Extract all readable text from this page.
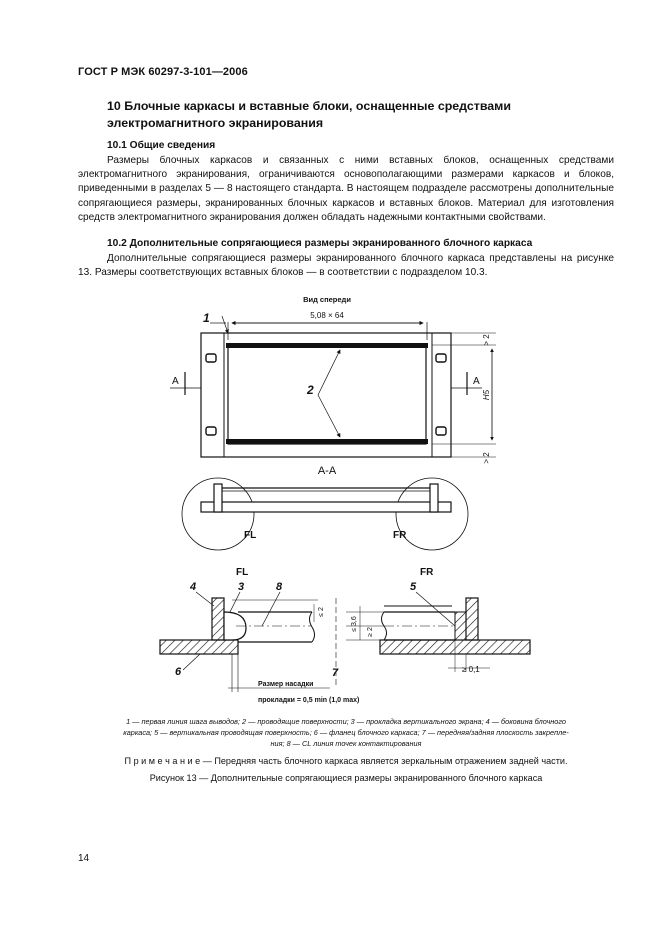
ГОСТ Р МЭК 60297-3-101—2006
10 Блочные каркасы и вставные блоки, оснащенные средствами электромагнитного экранирования
10.1 Общие сведения
Размеры блочных каркасов и связанных с ними вставных блоков, оснащенных средствами электромагнитного экранирования, ограничиваются основополагающими размерами каркасов и блоков, приведенными в разделах 5 — 8 настоящего стандарта. В настоящем подразделе рассмотрены дополнительные сопрягающиеся размеры, экранированных блочных каркасов и вставных блоков. Материал для изготовления средств электромагнитного экранирования должен обладать надежными контактными свойствами.
10.2 Дополнительные сопрягающиеся размеры экранированного блочного каркаса
Дополнительные сопрягающиеся размеры экранированного блочного каркаса представлены на рисунке 13. Размеры соответствующих вставных блоков — в соответствии с подразделом 10.3.
Вид спереди
5,08 × 64
1
2
A	A
> 2
H5
> 2
A-A
FL	FR
FL
4	3	8
6
≤ 2
Размер насадки
прокладки = 0,5 min (1,0 max)
7
FR
5
≤ 3,6
≥ 2
≥ 0,1
1 — первая линия шага выводов; 2 — проводящие поверхности; 3 — прокладка вертикального экрана; 4 — боковина блочного
каркаса; 5 — вертикальная проводящая поверхность; 6 — фланец блочного каркаса; 7 — передняя/задняя плоскость закрепле-
ния; 8 — CL линия точек контактирования
П р и м е ч а н и е — Передняя часть блочного каркаса является зеркальным отражением задней части.
Рисунок 13 — Дополнительные сопрягающиеся размеры экранированного блочного каркаса
14
